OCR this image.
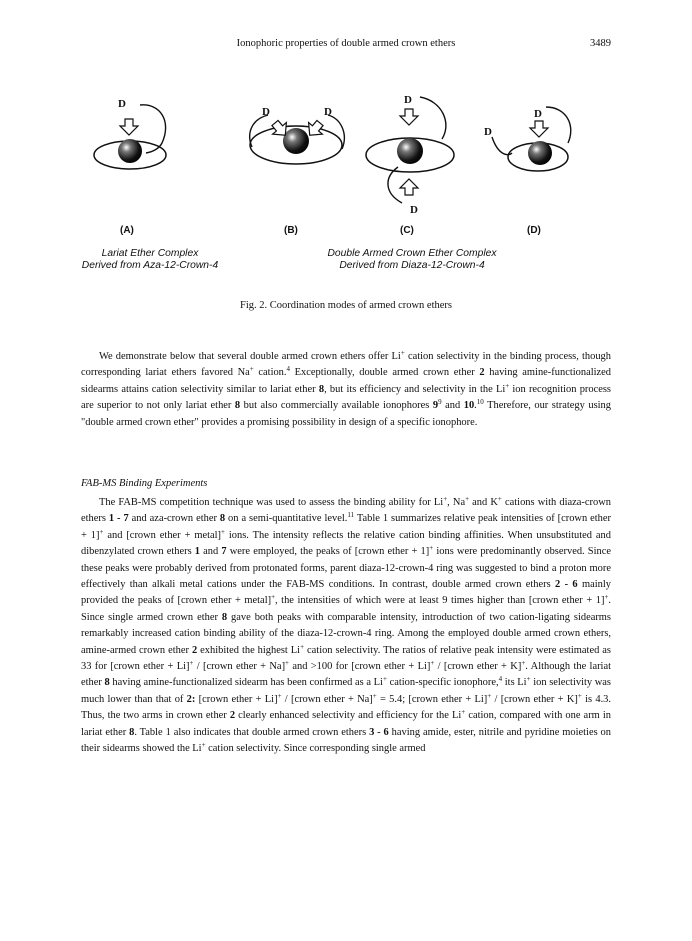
Ionophoric properties of double armed crown ethers	3489
D
D	D
D
D
D
D
(A)	(B)	(C)	(D)
Lariat Ether Complex
Derived from Aza-12-Crown-4
Double Armed Crown Ether Complex
Derived from Diaza-12-Crown-4
Fig. 2. Coordination modes of armed crown ethers

We demonstrate below that several double armed crown ethers offer Li+ cation selectivity in the binding process, though corresponding lariat ethers favored Na+ cation.$^4$ Exceptionally, double armed crown ether 2 having amine-functionalized sidearms attains cation selectivity similar to lariat ether 8, but its efficiency and selectivity in the Li+ ion recognition process are superior to not only lariat ether 8 but also commercially available ionophores $9^9$ and 10.10 Therefore, our strategy using "double armed crown ether" provides a promising possibility in design of a specific ionophore.

FAB-MS Binding Experiments

The FAB-MS competition technique was used to assess the binding ability for Li+, Na+ and K+ cations with diaza-crown ethers 1 - 7 and aza-crown ether 8 on a semi-quantitative level.$^{11}$ Table 1 summarizes relative peak intensities of [crown ether + 1]+ and [crown ether + metal]+ ions. The intensity reflects the relative cation binding affinities. When unsubstituted and dibenzylated crown ethers 1 and 7 were employed, the peaks of [crown ether + 1]+ ions were predominantly observed. Since these peaks were probably derived from protonated forms, parent diaza-12-crown-4 ring was suggested to bind a proton more effectively than alkali metal cations under the FAB-MS conditions. In contrast, double armed crown ethers 2 - 6 mainly provided the peaks of [crown ether + metal]+, the intensities of which were at least 9 times higher than [crown ether + 1]+. Since single armed crown ether 8 gave both peaks with comparable intensity, introduction of two cation-ligating sidearms remarkably increased cation binding ability of the diaza-12-crown-4 ring. Among the employed double armed crown ethers, amine-armed crown ether 2 exhibited the highest Li+ cation selectivity. The ratios of relative peak intensity were estimated as 33 for [crown ether + Li]+ / [crown ether + Na]+ and >100 for [crown ether + Li]+ / [crown ether + K]+. Although the lariat ether 8 having amine-functionalized sidearm has been confirmed as a Li+ cation-specific ionophore,$^4$ its Li+ ion selectivity was much lower than that of 2: [crown ether + Li]+ / [crown ether + Na]+ = 5.4; [crown ether + Li]+ / [crown ether + K]+ is 4.3. Thus, the two arms in crown ether 2 clearly enhanced selectivity and efficiency for the Li+ cation, compared with one arm in lariat ether 8. Table 1 also indicates that double armed crown ethers 3 - 6 having amide, ester, nitrile and pyridine moieties on their sidearms showed the Li+ cation selectivity. Since corresponding single armed
